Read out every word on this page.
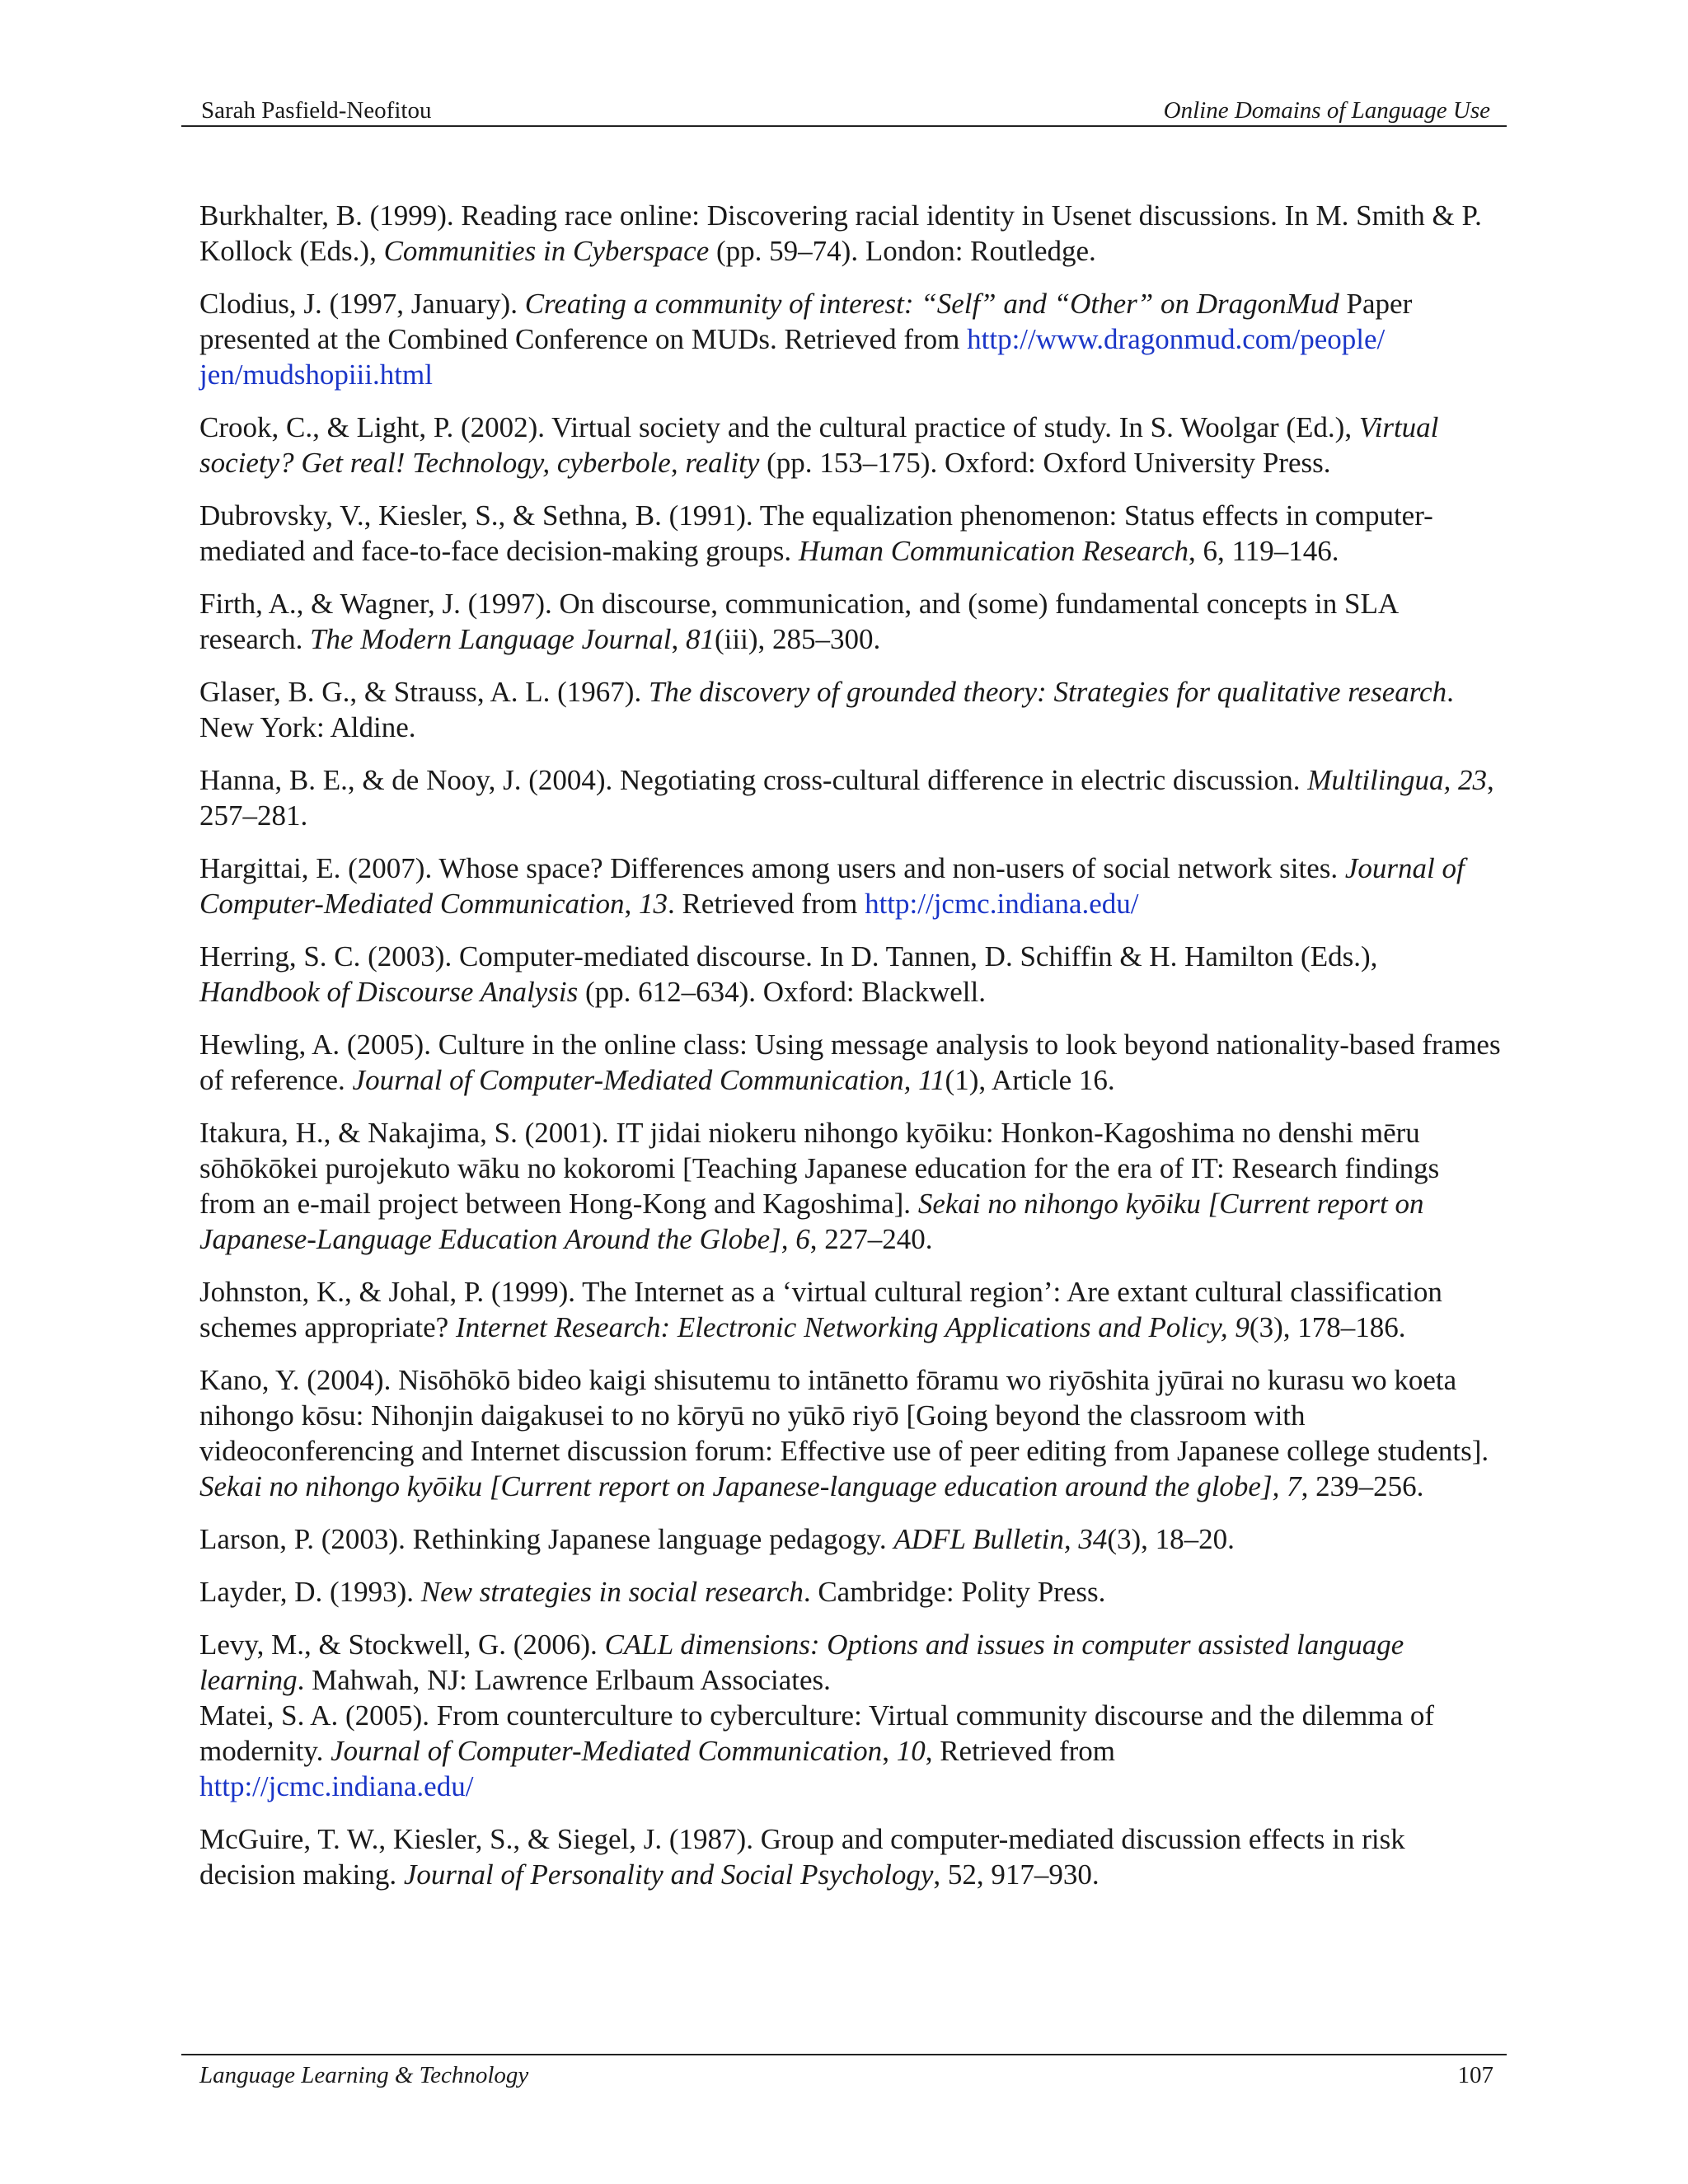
Sarah Pasfield-Neofitou	Online Domains of Language Use

Burkhalter, B. (1999). Reading race online: Discovering racial identity in Usenet discussions. In M. Smith & P. Kollock (Eds.), Communities in Cyberspace (pp. 59–74). London: Routledge.

Clodius, J. (1997, January). Creating a community of interest: “Self” and “Other” on DragonMud Paper presented at the Combined Conference on MUDs. Retrieved from http://www.dragonmud.com/people/
jen/mudshopiii.html

Crook, C., & Light, P. (2002). Virtual society and the cultural practice of study. In S. Woolgar (Ed.), Virtual society? Get real! Technology, cyberbole, reality (pp. 153–175). Oxford: Oxford University Press.

Dubrovsky, V., Kiesler, S., & Sethna, B. (1991). The equalization phenomenon: Status effects in computer-mediated and face-to-face decision-making groups. Human Communication Research, 6, 119–146.

Firth, A., & Wagner, J. (1997). On discourse, communication, and (some) fundamental concepts in SLA research. The Modern Language Journal, 81(iii), 285–300.

Glaser, B. G., & Strauss, A. L. (1967). The discovery of grounded theory: Strategies for qualitative research. New York: Aldine.

Hanna, B. E., & de Nooy, J. (2004). Negotiating cross-cultural difference in electric discussion. Multilingua, 23, 257–281.

Hargittai, E. (2007). Whose space? Differences among users and non-users of social network sites. Journal of Computer-Mediated Communication, 13. Retrieved from http://jcmc.indiana.edu/

Herring, S. C. (2003). Computer-mediated discourse. In D. Tannen, D. Schiffin & H. Hamilton (Eds.), Handbook of Discourse Analysis (pp. 612–634). Oxford: Blackwell.

Hewling, A. (2005). Culture in the online class: Using message analysis to look beyond nationality-based frames of reference. Journal of Computer-Mediated Communication, 11(1), Article 16.

Itakura, H., & Nakajima, S. (2001). IT jidai niokeru nihongo kyōiku: Honkon-Kagoshima no denshi mēru sōhōkōkei purojekuto wāku no kokoromi [Teaching Japanese education for the era of IT: Research findings from an e-mail project between Hong-Kong and Kagoshima]. Sekai no nihongo kyōiku [Current report on Japanese-Language Education Around the Globe], 6, 227–240.

Johnston, K., & Johal, P. (1999). The Internet as a ‘virtual cultural region’: Are extant cultural classification schemes appropriate? Internet Research: Electronic Networking Applications and Policy, 9(3), 178–186.

Kano, Y. (2004). Nisōhōkō bideo kaigi shisutemu to intānetto fōramu wo riyōshita jyūrai no kurasu wo koeta nihongo kōsu: Nihonjin daigakusei to no kōryū no yūkō riyō [Going beyond the classroom with videoconferencing and Internet discussion forum: Effective use of peer editing from Japanese college students]. Sekai no nihongo kyōiku [Current report on Japanese-language education around the globe], 7, 239–256.

Larson, P. (2003). Rethinking Japanese language pedagogy. ADFL Bulletin, 34(3), 18–20.

Layder, D. (1993). New strategies in social research. Cambridge: Polity Press.

Levy, M., & Stockwell, G. (2006). CALL dimensions: Options and issues in computer assisted language learning. Mahwah, NJ: Lawrence Erlbaum Associates.

Matei, S. A. (2005). From counterculture to cyberculture: Virtual community discourse and the dilemma of modernity. Journal of Computer-Mediated Communication, 10, Retrieved from
http://jcmc.indiana.edu/

McGuire, T. W., Kiesler, S., & Siegel, J. (1987). Group and computer-mediated discussion effects in risk decision making. Journal of Personality and Social Psychology, 52, 917–930.

Language Learning & Technology	107
